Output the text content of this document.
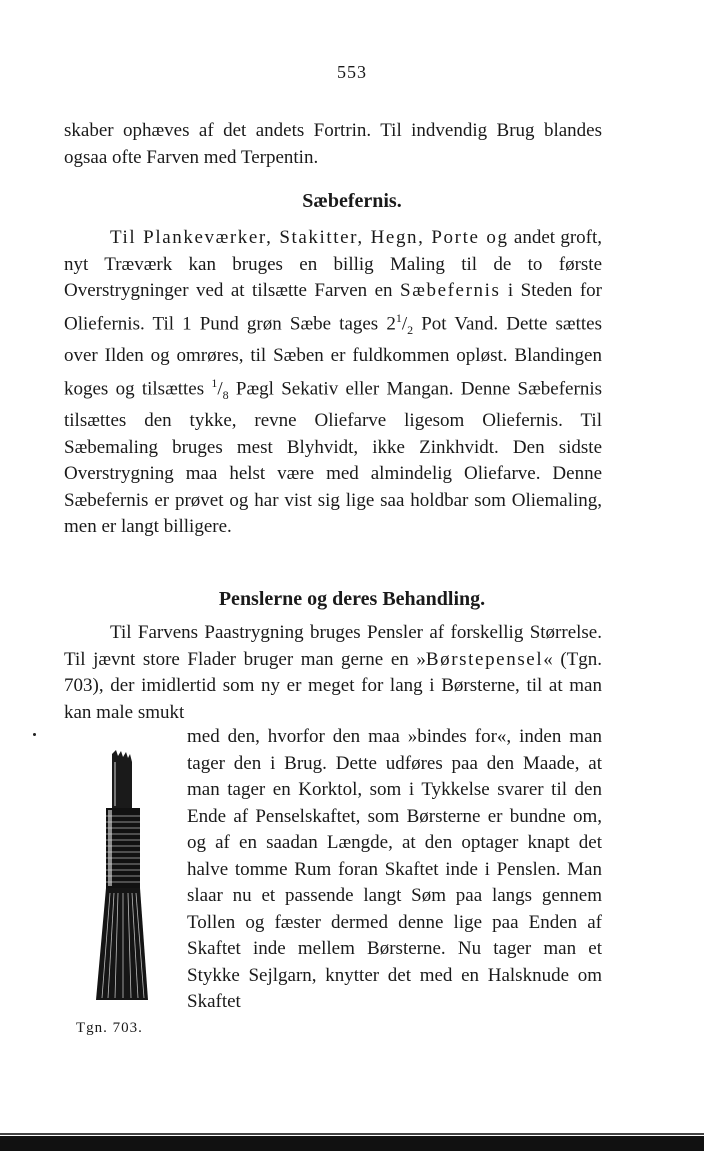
553

skaber ophæves af det andets Fortrin. Til indvendig Brug blandes ogsaa ofte Farven med Terpentin.

Sæbefernis.

Til Plankeværker, Stakitter, Hegn, Porte og andet groft, nyt Træværk kan bruges en billig Maling til de to første Overstrygninger ved at tilsætte Farven en Sæbefernis i Steden for Oliefernis. Til 1 Pund grøn Sæbe tages $2^1/_2$ Pot Vand. Dette sættes over Ilden og omrøres, til Sæben er fuldkommen opløst. Blandingen koges og tilsættes $^1/_8$ Pægl Sekativ eller Mangan. Denne Sæbefernis tilsættes den tykke, revne Oliefarve ligesom Oliefernis. Til Sæbemaling bruges mest Blyhvidt, ikke Zinkhvidt. Den sidste Overstrygning maa helst være med almindelig Oliefarve. Denne Sæbefernis er prøvet og har vist sig lige saa holdbar som Oliemaling, men er langt billigere.

Penslerne og deres Behandling.

Til Farvens Paastrygning bruges Pensler af forskellig Størrelse. Til jævnt store Flader bruger man gerne en »Børstepensel« (Tgn. 703), der imidlertid som ny er meget for lang i Børsterne, til at man kan male smukt

Tgn. 703.

med den, hvorfor den maa »bindes for«, inden man tager den i Brug. Dette udføres paa den Maade, at man tager en Korktol, som i Tykkelse svarer til den Ende af Penselskaftet, som Børsterne er bundne om, og af en saadan Længde, at den optager knapt det halve tomme Rum foran Skaftet inde i Penslen. Man slaar nu et passende langt Søm paa langs gennem Tollen og fæster dermed denne lige paa Enden af Skaftet inde mellem Børsterne. Nu tager man et Stykke Sejlgarn, knytter det med en Halsknude om Skaftet
